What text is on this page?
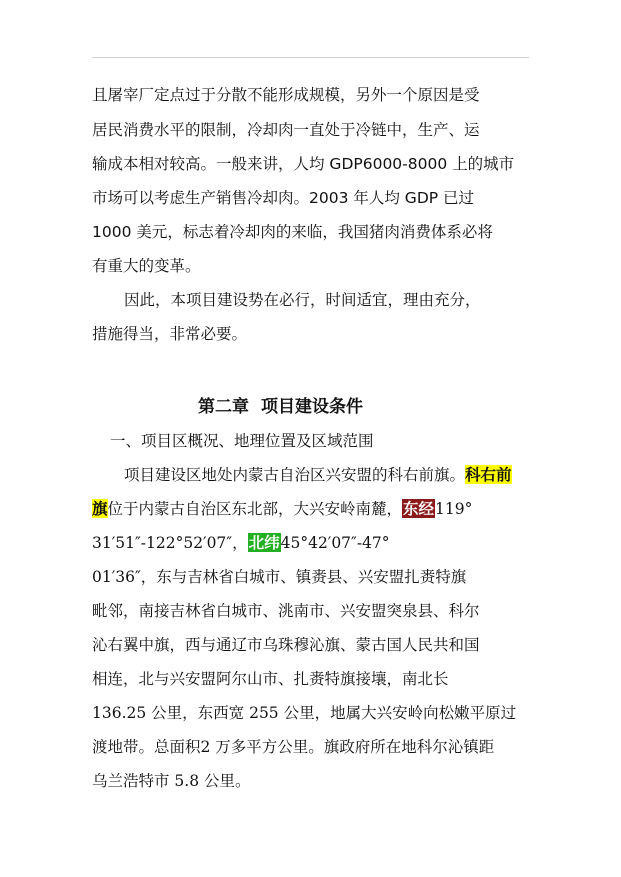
且屠宰厂定点过于分散不能形成规模，另外一个原因是受
居民消费水平的限制，冷却肉一直处于冷链中，生产、运
输成本相对较高。一般来讲，人均 GDP6000-8000 上的城市
市场可以考虑生产销售冷却肉。2003 年人均 GDP 已过
1000 美元，标志着冷却肉的来临，我国猪肉消费体系必将
有重大的变革。
因此，本项目建设势在必行，时间适宜，理由充分，
措施得当，非常必要。
第二章 项目建设条件
一、项目区概况、地理位置及区域范围
项目建设区地处内蒙古自治区兴安盟的科右前旗。科右前
旗位于内蒙古自治区东北部，大兴安岭南麓，东经119°
31′51″-122°52′07″，北纬45°42′07″-47°
01′36″，东与吉林省白城市、镇赉县、兴安盟扎赉特旗
毗邻，南接吉林省白城市、洮南市、兴安盟突泉县、科尔
沁右翼中旗，西与通辽市乌珠穆沁旗、蒙古国人民共和国
相连，北与兴安盟阿尔山市、扎赉特旗接壤，南北长
136.25 公里，东西宽 255 公里，地属大兴安岭向松嫩平原过
渡地带。总面积2 万多平方公里。旗政府所在地科尔沁镇距
乌兰浩特市 5.8 公里。
